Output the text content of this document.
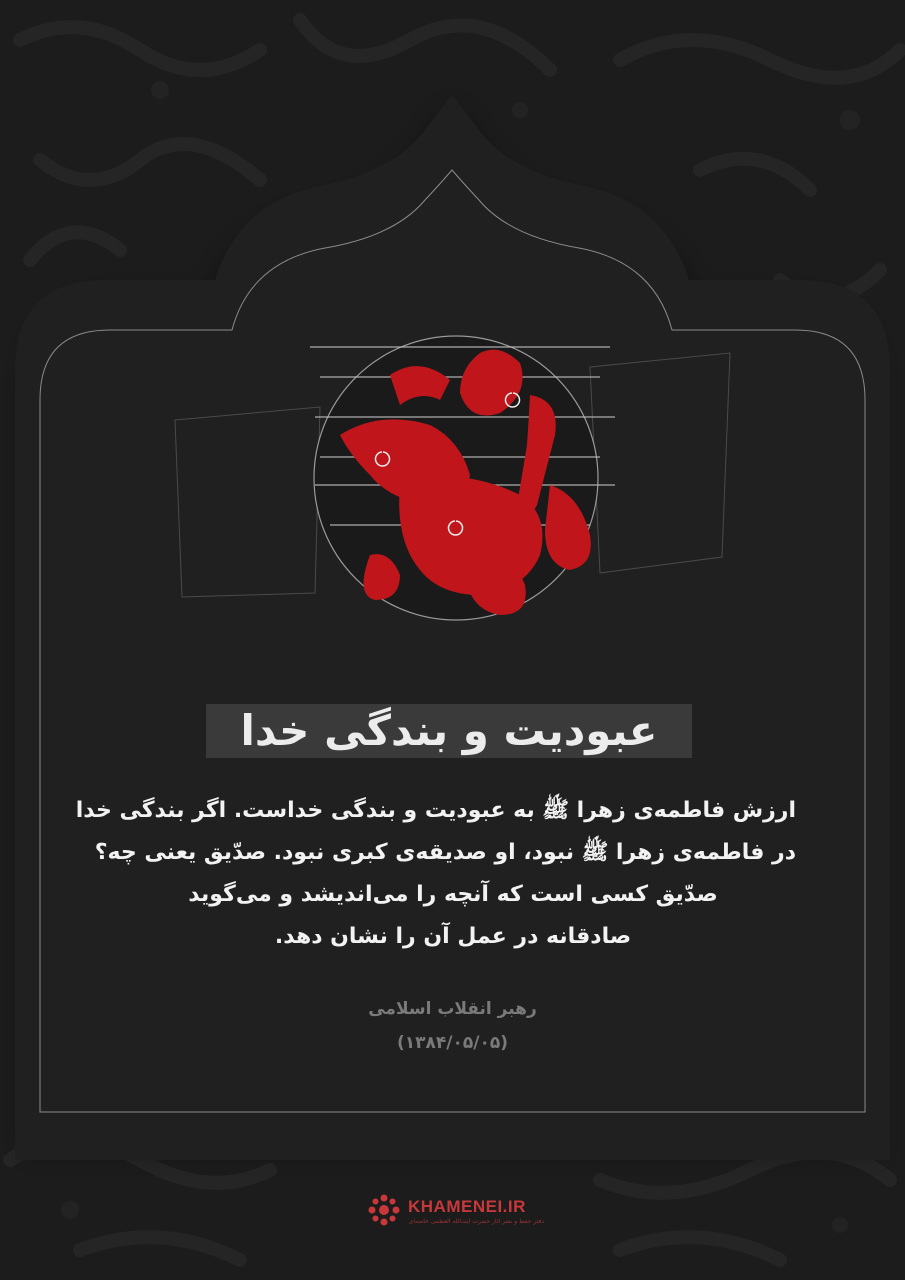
عبودیت و بندگی خدا
ارزش فاطمه‌ی زهرا ﷺ به عبودیت و بندگی خداست. اگر بندگی خدا
در فاطمه‌ی زهرا ﷺ نبود، او صدیقه‌ی کبری نبود. صدّیق یعنی چه؟
صدّیق کسی است که آنچه را می‌اندیشد و می‌گوید
صادقانه در عمل آن را نشان دهد.
رهبر انقلاب اسلامی
(۱۳۸۴/۰۵/۰۵)
KHAMENEI.IR
دفتر حفظ و نشر آثار حضرت آیت‌الله العظمی خامنه‌ای
